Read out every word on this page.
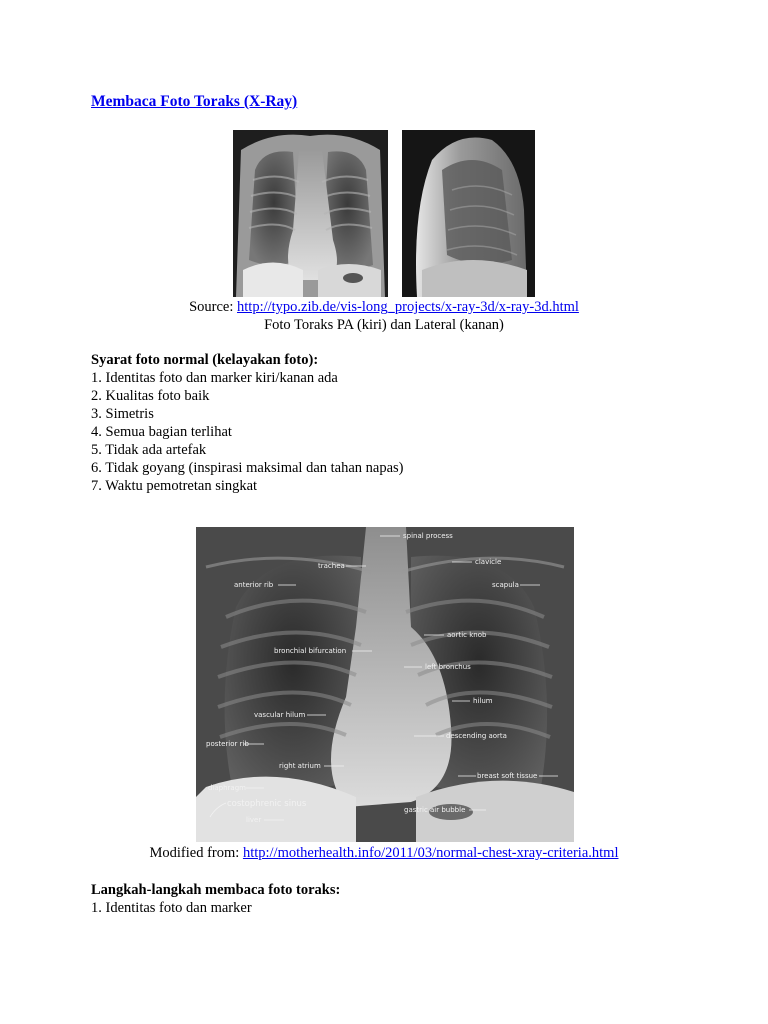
Membaca Foto Toraks (X-Ray)
Source: http://typo.zib.de/vis-long_projects/x-ray-3d/x-ray-3d.html
Foto Toraks PA (kiri) dan Lateral (kanan)
Syarat foto normal (kelayakan foto):
1. Identitas foto dan marker kiri/kanan ada
2. Kualitas foto baik
3. Simetris
4. Semua bagian terlihat
5. Tidak ada artefak
6. Tidak goyang (inspirasi maksimal dan tahan napas)
7. Waktu pemotretan singkat
spinal process
trachea	clavicle
anterior rib	scapula
aortic knob
bronchial bifurcation
left bronchus
hilum
vascular hilum
descending aorta
posterior rib
right atrium
breast soft tissue
diaphragm
costophrenic sinus
gastric air bubble
liver
Modified from: http://motherhealth.info/2011/03/normal-chest-xray-criteria.html
Langkah-langkah membaca foto toraks:
1. Identitas foto dan marker
